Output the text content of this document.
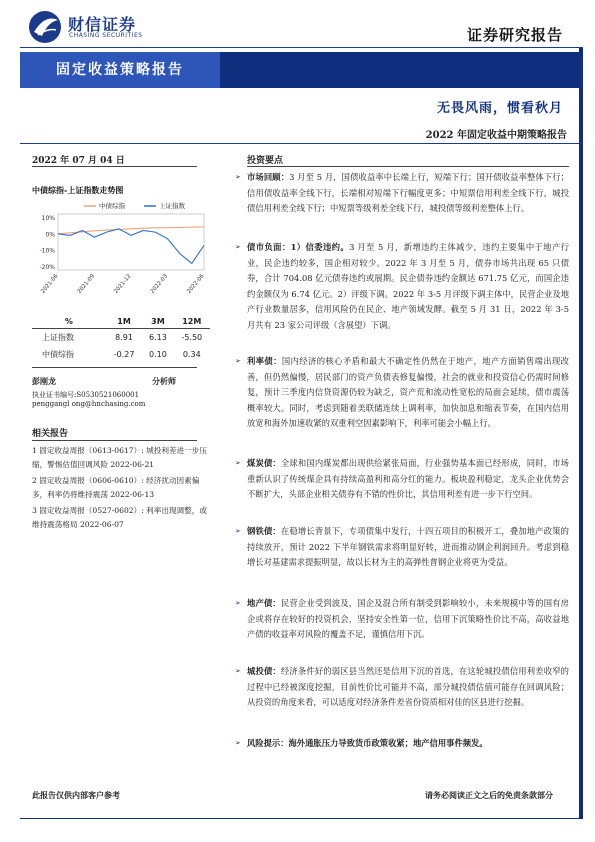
财信证券
CHASING SECURITIES	证券研究报告
固定收益策略报告
无畏风雨，惯看秋月
2022 年固定收益中期策略报告
2022 年 07 月 04 日
中债综指-上证指数走势图
中债综指	上证指数
10%
0%
-10%
-20%
2021-06	2021-09	2021-12	2022-03	2022-06
%	1M	3M	12M
上证指数	8.91	6.13	-5.50
中债综指	-0.27	0.10	0.34
彭刚龙	分析师
执业证书编号:S0530521060001
penggangl ong@hnchasing.com
相关报告

1 固定收益周报（0613-0617）: 城投利差进一步压缩，警惕估值回调风险 2022-06-21

2 固定收益周报（0606-0610）: 经济扰动因素偏多，利率仍将维持震荡 2022-06-13

3 固定收益周报（0527-0602）: 利率出现调整，或维持震荡格局 2022-06-07

投资要点
➢ 市场回顾：3 月至 5 月，国债收益率中长端上行，短端下行；国开债收益率整体下行；信用债收益率全线下行，长端相对短端下行幅度更多；中短票信用利差全线下行，城投债信用利差全线下行；中短票等级利差全线下行，城投债等级利差整体上行。
➢ 债市负面：1）信委违约。3 月至 5 月，新增违约主体减少，违约主要集中于地产行业，民企违约较多，国企相对较少。2022 年 3 月至 5 月，债券市场共出现 65 只债券，合计 704.08 亿元债券违约或展期。民企债券违约金额达 671.75 亿元，而国企违约金额仅为 6.74 亿元。2）评级下调。2022 年 3-5 月评级下调主体中，民营企业及地产行业数量居多，信用风险仍在民企、地产领域发酵。截至 5 月 31 日，2022 年 3-5 月共有 23 家公司评级（含展望）下调。
➢ 利率债：国内经济的核心矛盾和最大不确定性仍然在于地产，地产方面销售端出现改善，但仍然偏慢，居民部门的资产负债表修复偏慢，社会的就业和投资信心仍需时间修复，预计三季度内信贷资源仍较为缺乏，资产荒和流动性宽松的局面会延续，债市震荡概率较大。同时，考虑到随着美联储连续上调利率，加快加息和缩表节奏，在国内信用放宽和海外加速收紧的双重利空因素影响下，利率可能会小幅上行。
➢ 煤炭债：全球和国内煤炭都出现供给紧张局面，行业强势基本面已经形成，同时，市场重新认识了传统煤企具有持续高盈利和高分红的能力。板块盈利稳定，龙头企业优势会不断扩大，头部企业相关债券有不错的性价比，其信用利差有进一步下行空间。
➢ 钢铁债：在稳增长背景下，专项债集中发行，十四五项目的积极开工，叠加地产政策的持续放开，预计 2022 下半年钢铁需求将明显好转，进而推动钢企利润回升。考虑到稳增长对基建需求提振明显，故以长材为主的高弹性普钢企业将更为受益。
➢ 地产债：民营企业受到波及，国企及混合所有制受到影响较小，未来规模中等的国有房企或将存在较好的投资机会，坚持安全性第一位，信用下沉策略性价比不高，高收益地产债的收益率对风险的覆盖不足，谨慎信用下沉。
➢ 城投债：经济条件好的弱区县当然还是信用下沉的首选，在这轮城投债信用利差收窄的过程中已经被深度挖掘，目前性价比可能并不高，部分城投债估值可能存在回调风险；从投资的角度来看，可以适度对经济条件差省份资质相对佳的区县进行挖掘。
➢ 风险提示：海外通胀压力导致货币政策收紧；地产信用事件频发。
此报告仅供内部客户参考	请务必阅读正文之后的免责条款部分
